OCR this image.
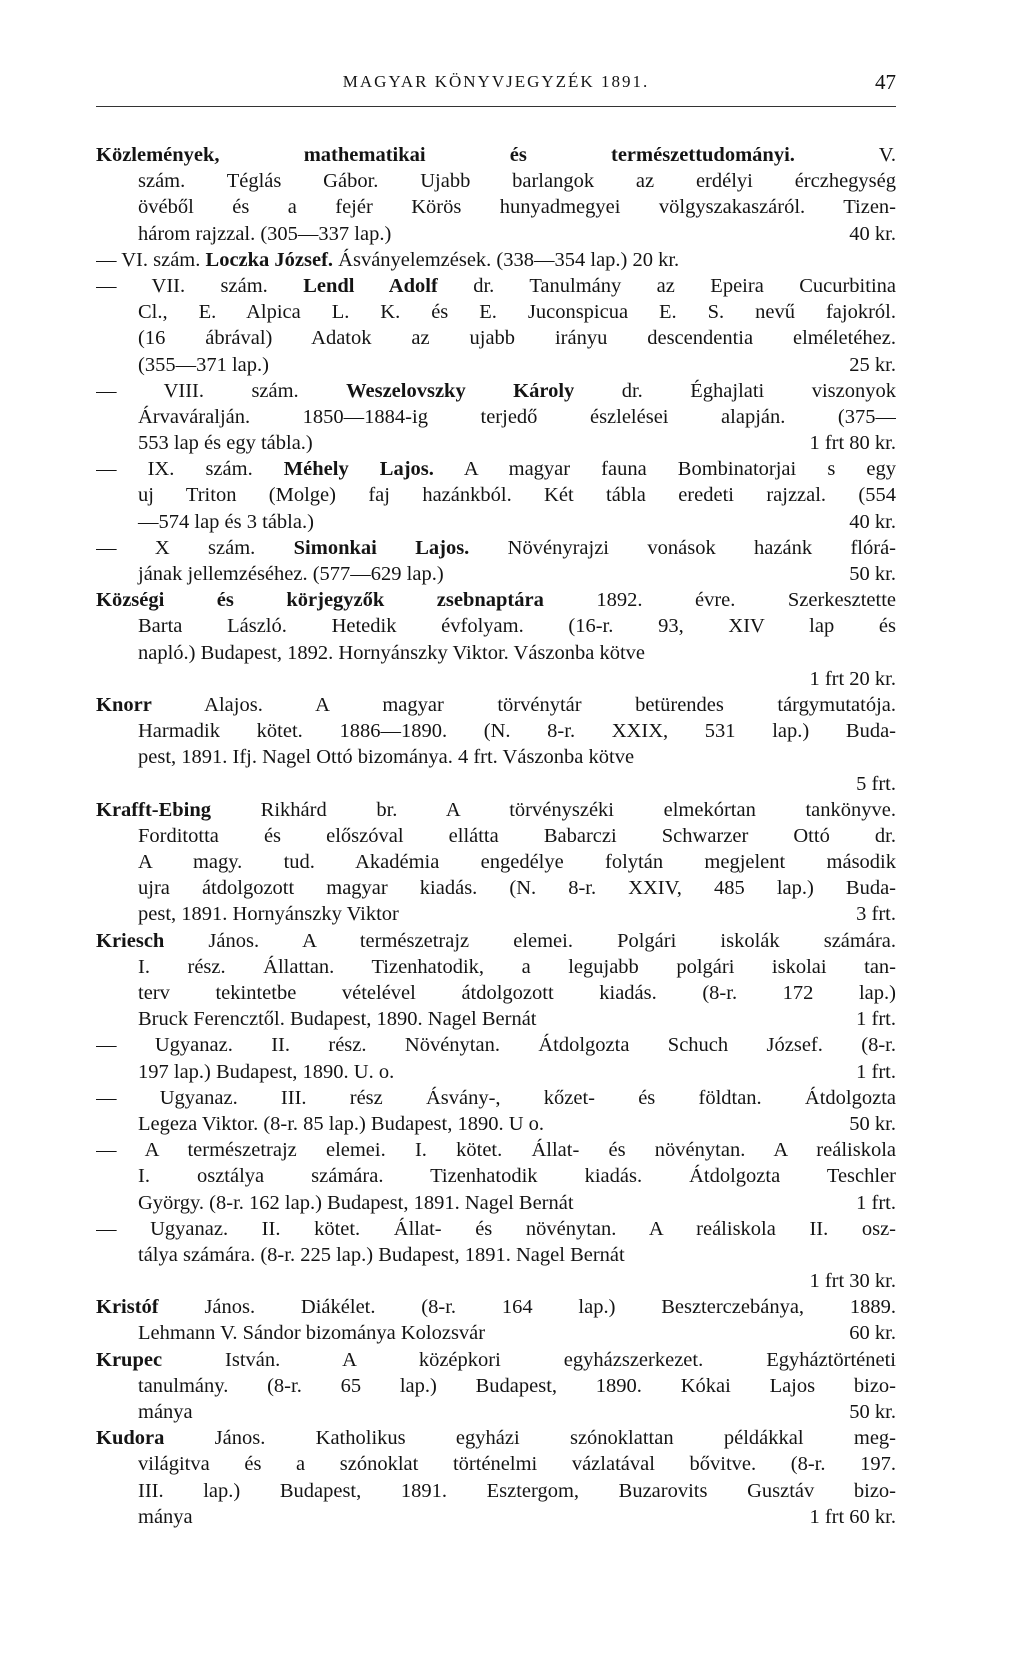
MAGYAR KÖNYVJEGYZÉK 1891.	47
Közlemények, mathematikai és természettudományi. V.
szám. Téglás Gábor. Ujabb barlangok az erdélyi érczhegység
övéből és a fejér Körös hunyadmegyei völgyszakaszáról. Tizen-
három rajzzal. (305—337 lap.)	40 kr.
— VI. szám. Loczka József. Ásványelemzések. (338—354 lap.) 20 kr.
— VII. szám. Lendl Adolf dr. Tanulmány az Epeira Cucurbitina
Cl., E. Alpica L. K. és E. Juconspicua E. S. nevű fajokról.
(16 ábrával) Adatok az ujabb irányu descendentia elméletéhez.
(355—371 lap.)	25 kr.
— VIII. szám. Weszelovszky Károly dr. Éghajlati viszonyok
Árvaváralján. 1850—1884-ig terjedő észlelései alapján. (375—
553 lap és egy tábla.)	1 frt 80 kr.
— IX. szám. Méhely Lajos. A magyar fauna Bombinatorjai s egy
uj Triton (Molge) faj hazánkból. Két tábla eredeti rajzzal. (554
—574 lap és 3 tábla.)	40 kr.
— X szám. Simonkai Lajos. Növényrajzi vonások hazánk flórá-
jának jellemzéséhez. (577—629 lap.)	50 kr.
Községi és körjegyzők zsebnaptára 1892. évre. Szerkesztette
Barta László. Hetedik évfolyam. (16-r. 93, XIV lap és
napló.) Budapest, 1892. Hornyánszky Viktor. Vászonba kötve
1 frt 20 kr.
Knorr Alajos. A magyar törvénytár betürendes tárgymutatója.
Harmadik kötet. 1886—1890. (N. 8-r. XXIX, 531 lap.) Buda-
pest, 1891. Ifj. Nagel Ottó bizománya. 4 frt. Vászonba kötve
5 frt.
Krafft-Ebing Rikhárd br. A törvényszéki elmekórtan tankönyve.
Forditotta és előszóval ellátta Babarczi Schwarzer Ottó dr.
A magy. tud. Akadémia engedélye folytán megjelent második
ujra átdolgozott magyar kiadás. (N. 8-r. XXIV, 485 lap.) Buda-
pest, 1891. Hornyánszky Viktor	3 frt.
Kriesch János. A természetrajz elemei. Polgári iskolák számára.
I. rész. Állattan. Tizenhatodik, a legujabb polgári iskolai tan-
terv tekintetbe vételével átdolgozott kiadás. (8-r. 172 lap.)
Bruck Ferencztől. Budapest, 1890. Nagel Bernát	1 frt.
— Ugyanaz. II. rész. Növénytan. Átdolgozta Schuch József. (8-r.
197 lap.) Budapest, 1890. U. o.	1 frt.
— Ugyanaz. III. rész Ásvány-, kőzet- és földtan. Átdolgozta
Legeza Viktor. (8-r. 85 lap.) Budapest, 1890. U o.	50 kr.
— A természetrajz elemei. I. kötet. Állat- és növénytan. A reáliskola
I. osztálya számára. Tizenhatodik kiadás. Átdolgozta Teschler
György. (8-r. 162 lap.) Budapest, 1891. Nagel Bernát	1 frt.
— Ugyanaz. II. kötet. Állat- és növénytan. A reáliskola II. osz-
tálya számára. (8-r. 225 lap.) Budapest, 1891. Nagel Bernát
1 frt 30 kr.
Kristóf János. Diákélet. (8-r. 164 lap.) Beszterczebánya, 1889.
Lehmann V. Sándor bizománya Kolozsvár	60 kr.
Krupec István. A középkori egyházszerkezet. Egyháztörténeti
tanulmány. (8-r. 65 lap.) Budapest, 1890. Kókai Lajos bizo-
mánya	50 kr.
Kudora János. Katholikus egyházi szónoklattan példákkal meg-
világitva és a szónoklat történelmi vázlatával bővitve. (8-r. 197.
III. lap.) Budapest, 1891. Esztergom, Buzarovits Gusztáv bizo-
mánya	1 frt 60 kr.
